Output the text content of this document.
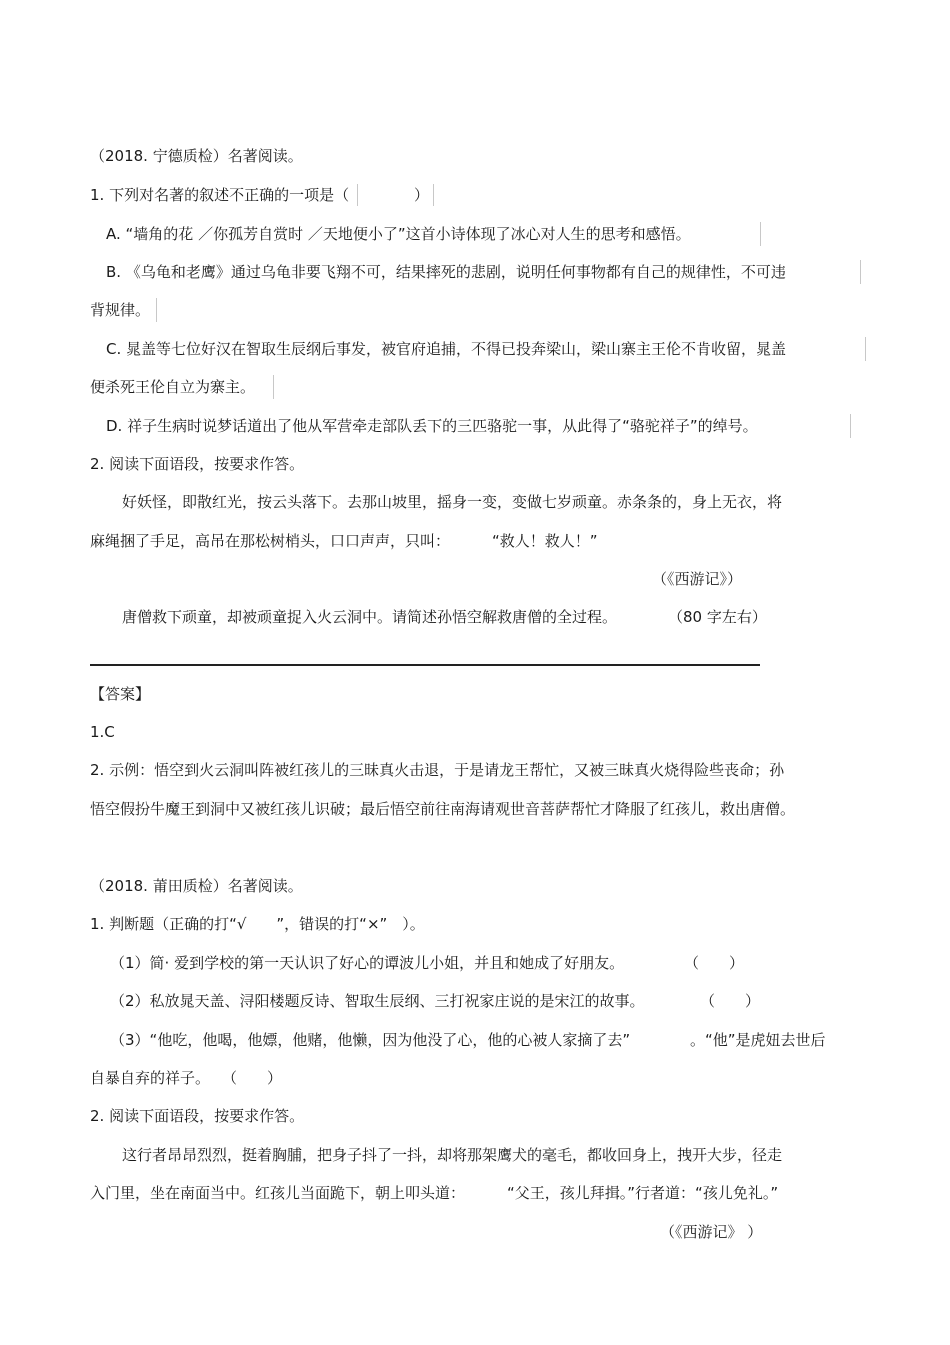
（2018. 宁德质检）名著阅读。
1. 下列对名著的叙述不正确的一项是（	）
A. “墙角的花 ／你孤芳自赏时 ／天地便小了”这首小诗体现了冰心对人生的思考和感悟。
B. 《乌龟和老鹰》通过乌龟非要飞翔不可，结果摔死的悲剧，说明任何事物都有自己的规律性，不可违
背规律。
C. 晁盖等七位好汉在智取生辰纲后事发，被官府追捕，不得已投奔梁山，梁山寨主王伦不肯收留，晁盖
便杀死王伦自立为寨主。
D. 祥子生病时说梦话道出了他从军营牵走部队丢下的三匹骆驼一事，从此得了“骆驼祥子”的绰号。
2. 阅读下面语段，按要求作答。
好妖怪，即散红光，按云头落下。去那山坡里，摇身一变，变做七岁顽童。赤条条的，身上无衣，将
麻绳捆了手足，高吊在那松树梢头，口口声声，只叫：	“救人！救人！”
（《西游记》）
唐僧救下顽童，却被顽童捉入火云洞中。请简述孙悟空解救唐僧的全过程。	（80 字左右）
【答案】
1.C
2. 示例：悟空到火云洞叫阵被红孩儿的三昧真火击退，于是请龙王帮忙，又被三昧真火烧得险些丧命；孙
悟空假扮牛魔王到洞中又被红孩儿识破；最后悟空前往南海请观世音菩萨帮忙才降服了红孩儿，救出唐僧。
（2018. 莆田质检）名著阅读。
1. 判断题（正确的打“√　　”，错误的打“×”　）。
（1）简· 爱到学校的第一天认识了好心的谭波儿小姐，并且和她成了好朋友。	（　　）
（2）私放晁天盖、浔阳楼题反诗、智取生辰纲、三打祝家庄说的是宋江的故事。	（　　）
（3）“他吃，他喝，他嫖，他赌，他懒，因为他没了心，他的心被人家摘了去”	。“他”是虎妞去世后
自暴自弃的祥子。 （　　）
2. 阅读下面语段，按要求作答。
这行者昂昂烈烈，挺着胸脯，把身子抖了一抖，却将那架鹰犬的毫毛，都收回身上，拽开大步，径走
入门里，坐在南面当中。红孩儿当面跪下，朝上叩头道：	“父王，孩儿拜揖。”行者道：“孩儿免礼。”
（《西游记》 ）
